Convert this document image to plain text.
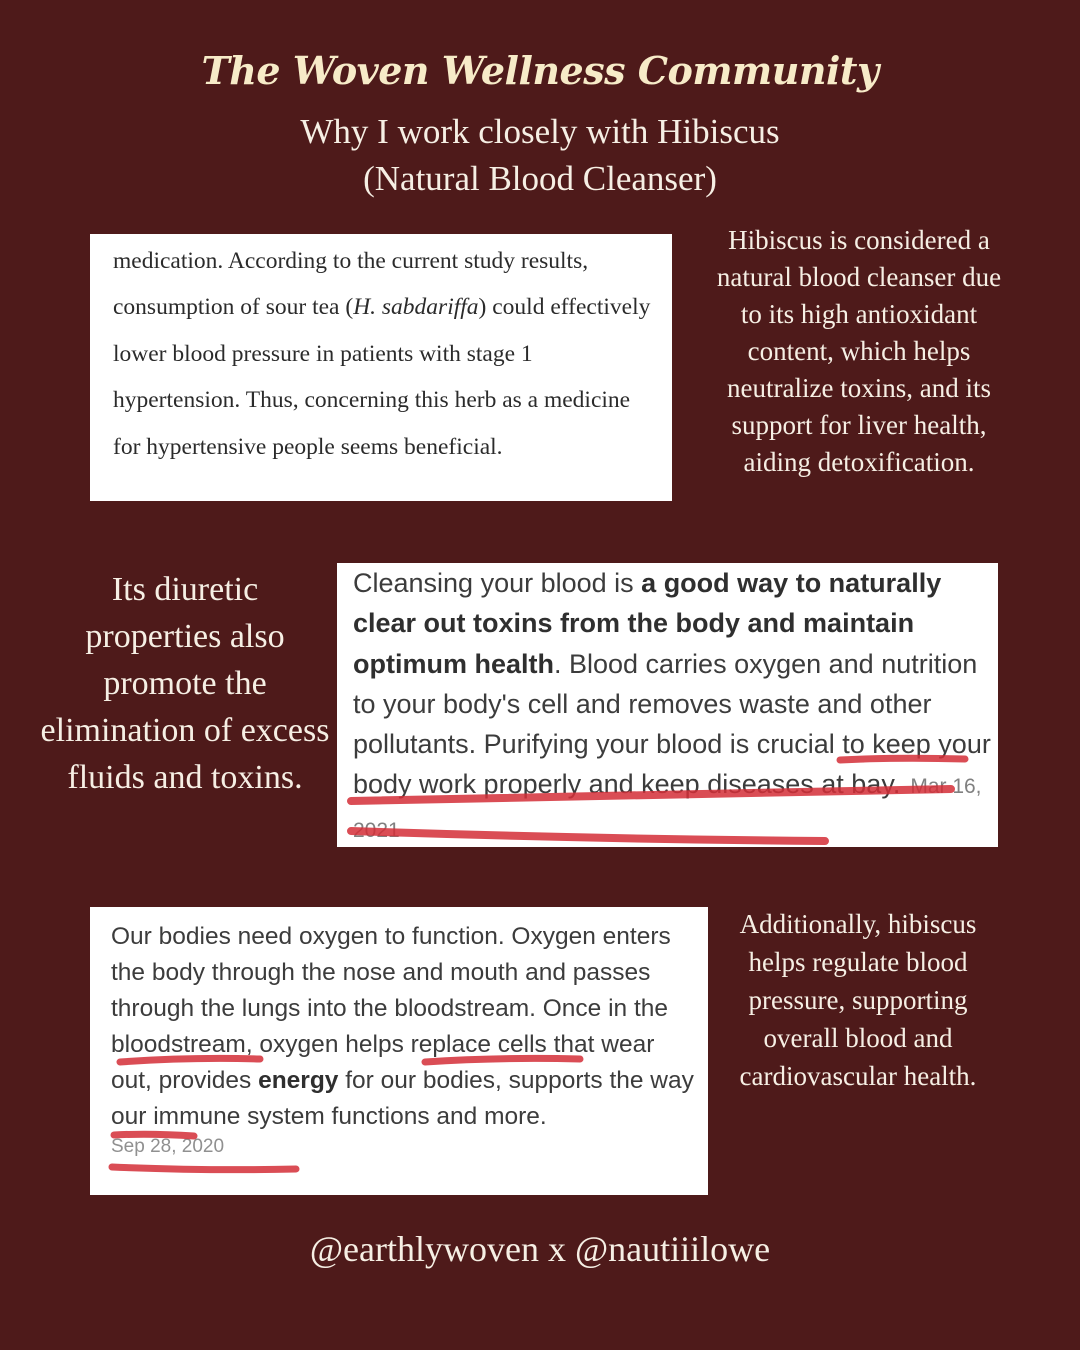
The Woven Wellness Community
Why I work closely with Hibiscus
(Natural Blood Cleanser)
medication. According to the current study results, consumption of sour tea (H. sabdariffa) could effectively lower blood pressure in patients with stage 1 hypertension. Thus, concerning this herb as a medicine for hypertensive people seems beneficial.
Hibiscus is considered a natural blood cleanser due to its high antioxidant content, which helps neutralize toxins, and its support for liver health, aiding detoxification.
Its diuretic properties also promote the elimination of excess fluids and toxins.
Cleansing your blood is a good way to naturally clear out toxins from the body and maintain optimum health. Blood carries oxygen and nutrition to your body's cell and removes waste and other pollutants. Purifying your blood is crucial to keep your body work properly and keep diseases at bay. Mar 16, 2021
Our bodies need oxygen to function. Oxygen enters the body through the nose and mouth and passes through the lungs into the bloodstream. Once in the bloodstream, oxygen helps replace cells that wear out, provides energy for our bodies, supports the way our immune system functions and more.
Sep 28, 2020
Additionally, hibiscus helps regulate blood pressure, supporting overall blood and cardiovascular health.
@earthlywoven x @nautiiilowe
